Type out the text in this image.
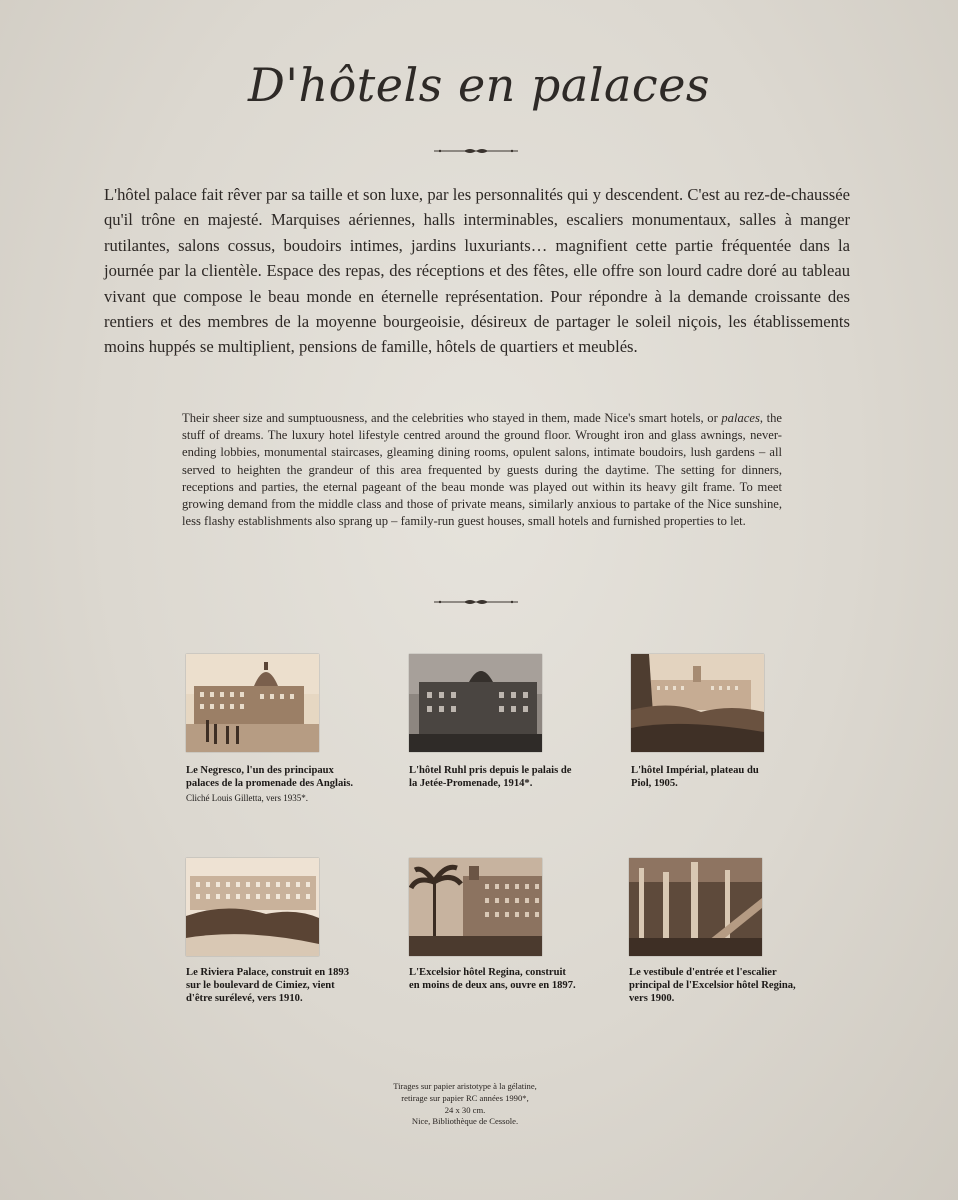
D'hôtels en palaces

L'hôtel palace fait rêver par sa taille et son luxe, par les personnalités qui y descendent. C'est au rez-de-chaussée qu'il trône en majesté. Marquises aériennes, halls interminables, escaliers monumentaux, salles à manger rutilantes, salons cossus, boudoirs intimes, jardins luxuriants… magnifient cette partie fréquentée dans la journée par la clientèle. Espace des repas, des réceptions et des fêtes, elle offre son lourd cadre doré au tableau vivant que compose le beau monde en éternelle représentation. Pour répondre à la demande croissante des rentiers et des membres de la moyenne bourgeoisie, désireux de partager le soleil niçois, les établissements moins huppés se multiplient, pensions de famille, hôtels de quartiers et meublés.

Their sheer size and sumptuousness, and the celebrities who stayed in them, made Nice's smart hotels, or palaces, the stuff of dreams. The luxury hotel lifestyle centred around the ground floor. Wrought iron and glass awnings, never-ending lobbies, monumental staircases, gleaming dining rooms, opulent salons, intimate boudoirs, lush gardens – all served to heighten the grandeur of this area frequented by guests during the daytime. The setting for dinners, receptions and parties, the eternal pageant of the beau monde was played out within its heavy gilt frame. To meet growing demand from the middle class and those of private means, similarly anxious to partake of the Nice sunshine, less flashy establishments also sprang up – family-run guest houses, small hotels and furnished properties to let.

Le Negresco, l'un des principaux palaces de la promenade des Anglais.
Cliché Louis Gilletta, vers 1935*.

L'hôtel Ruhl pris depuis le palais de la Jetée-Promenade, 1914*.

L'hôtel Impérial, plateau du Piol, 1905.

Le Riviera Palace, construit en 1893 sur le boulevard de Cimiez, vient d'être surélevé, vers 1910.

L'Excelsior hôtel Regina, construit en moins de deux ans, ouvre en 1897.

Le vestibule d'entrée et l'escalier principal de l'Excelsior hôtel Regina, vers 1900.

Tirages sur papier aristotype à la gélatine,
retirage sur papier RC années 1990*,
24 x 30 cm.
Nice, Bibliothèque de Cessole.
